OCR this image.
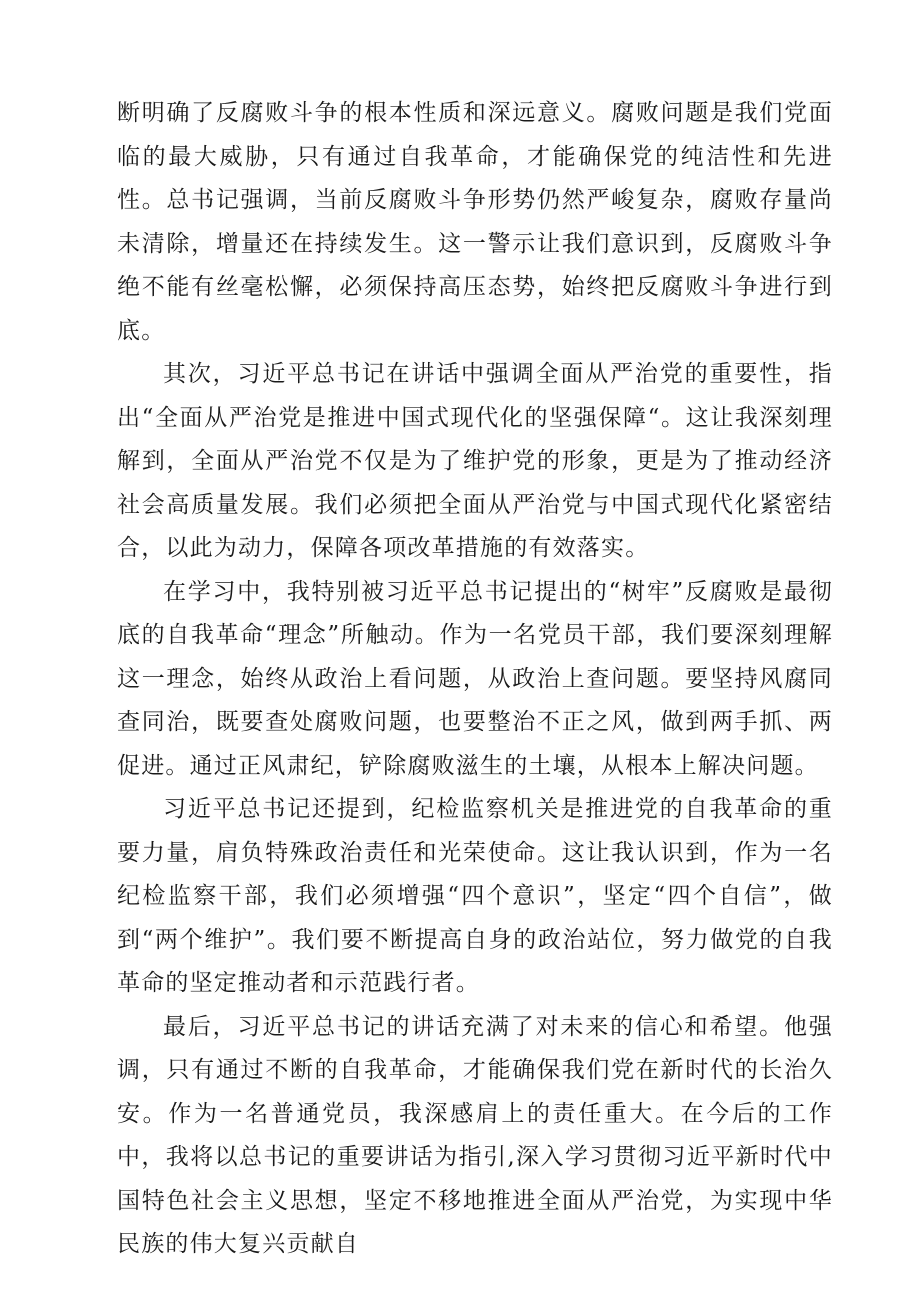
断明确了反腐败斗争的根本性质和深远意义。腐败问题是我们党面临的最大威胁，只有通过自我革命，才能确保党的纯洁性和先进性。总书记强调，当前反腐败斗争形势仍然严峻复杂，腐败存量尚未清除，增量还在持续发生。这一警示让我们意识到，反腐败斗争绝不能有丝毫松懈，必须保持高压态势，始终把反腐败斗争进行到底。

其次，习近平总书记在讲话中强调全面从严治党的重要性，指出“全面从严治党是推进中国式现代化的坚强保障“。这让我深刻理解到，全面从严治党不仅是为了维护党的形象，更是为了推动经济社会高质量发展。我们必须把全面从严治党与中国式现代化紧密结合，以此为动力，保障各项改革措施的有效落实。

在学习中，我特别被习近平总书记提出的“树牢”反腐败是最彻底的自我革命“理念”所触动。作为一名党员干部，我们要深刻理解这一理念，始终从政治上看问题，从政治上查问题。要坚持风腐同查同治，既要查处腐败问题，也要整治不正之风，做到两手抓、两促进。通过正风肃纪，铲除腐败滋生的土壤，从根本上解决问题。

习近平总书记还提到，纪检监察机关是推进党的自我革命的重要力量，肩负特殊政治责任和光荣使命。这让我认识到，作为一名纪检监察干部，我们必须增强“四个意识”，坚定“四个自信”，做到“两个维护”。我们要不断提高自身的政治站位，努力做党的自我革命的坚定推动者和示范践行者。

最后，习近平总书记的讲话充满了对未来的信心和希望。他强调，只有通过不断的自我革命，才能确保我们党在新时代的长治久安。作为一名普通党员，我深感肩上的责任重大。在今后的工作中，我将以总书记的重要讲话为指引,深入学习贯彻习近平新时代中国特色社会主义思想，坚定不移地推进全面从严治党，为实现中华民族的伟大复兴贡献自
